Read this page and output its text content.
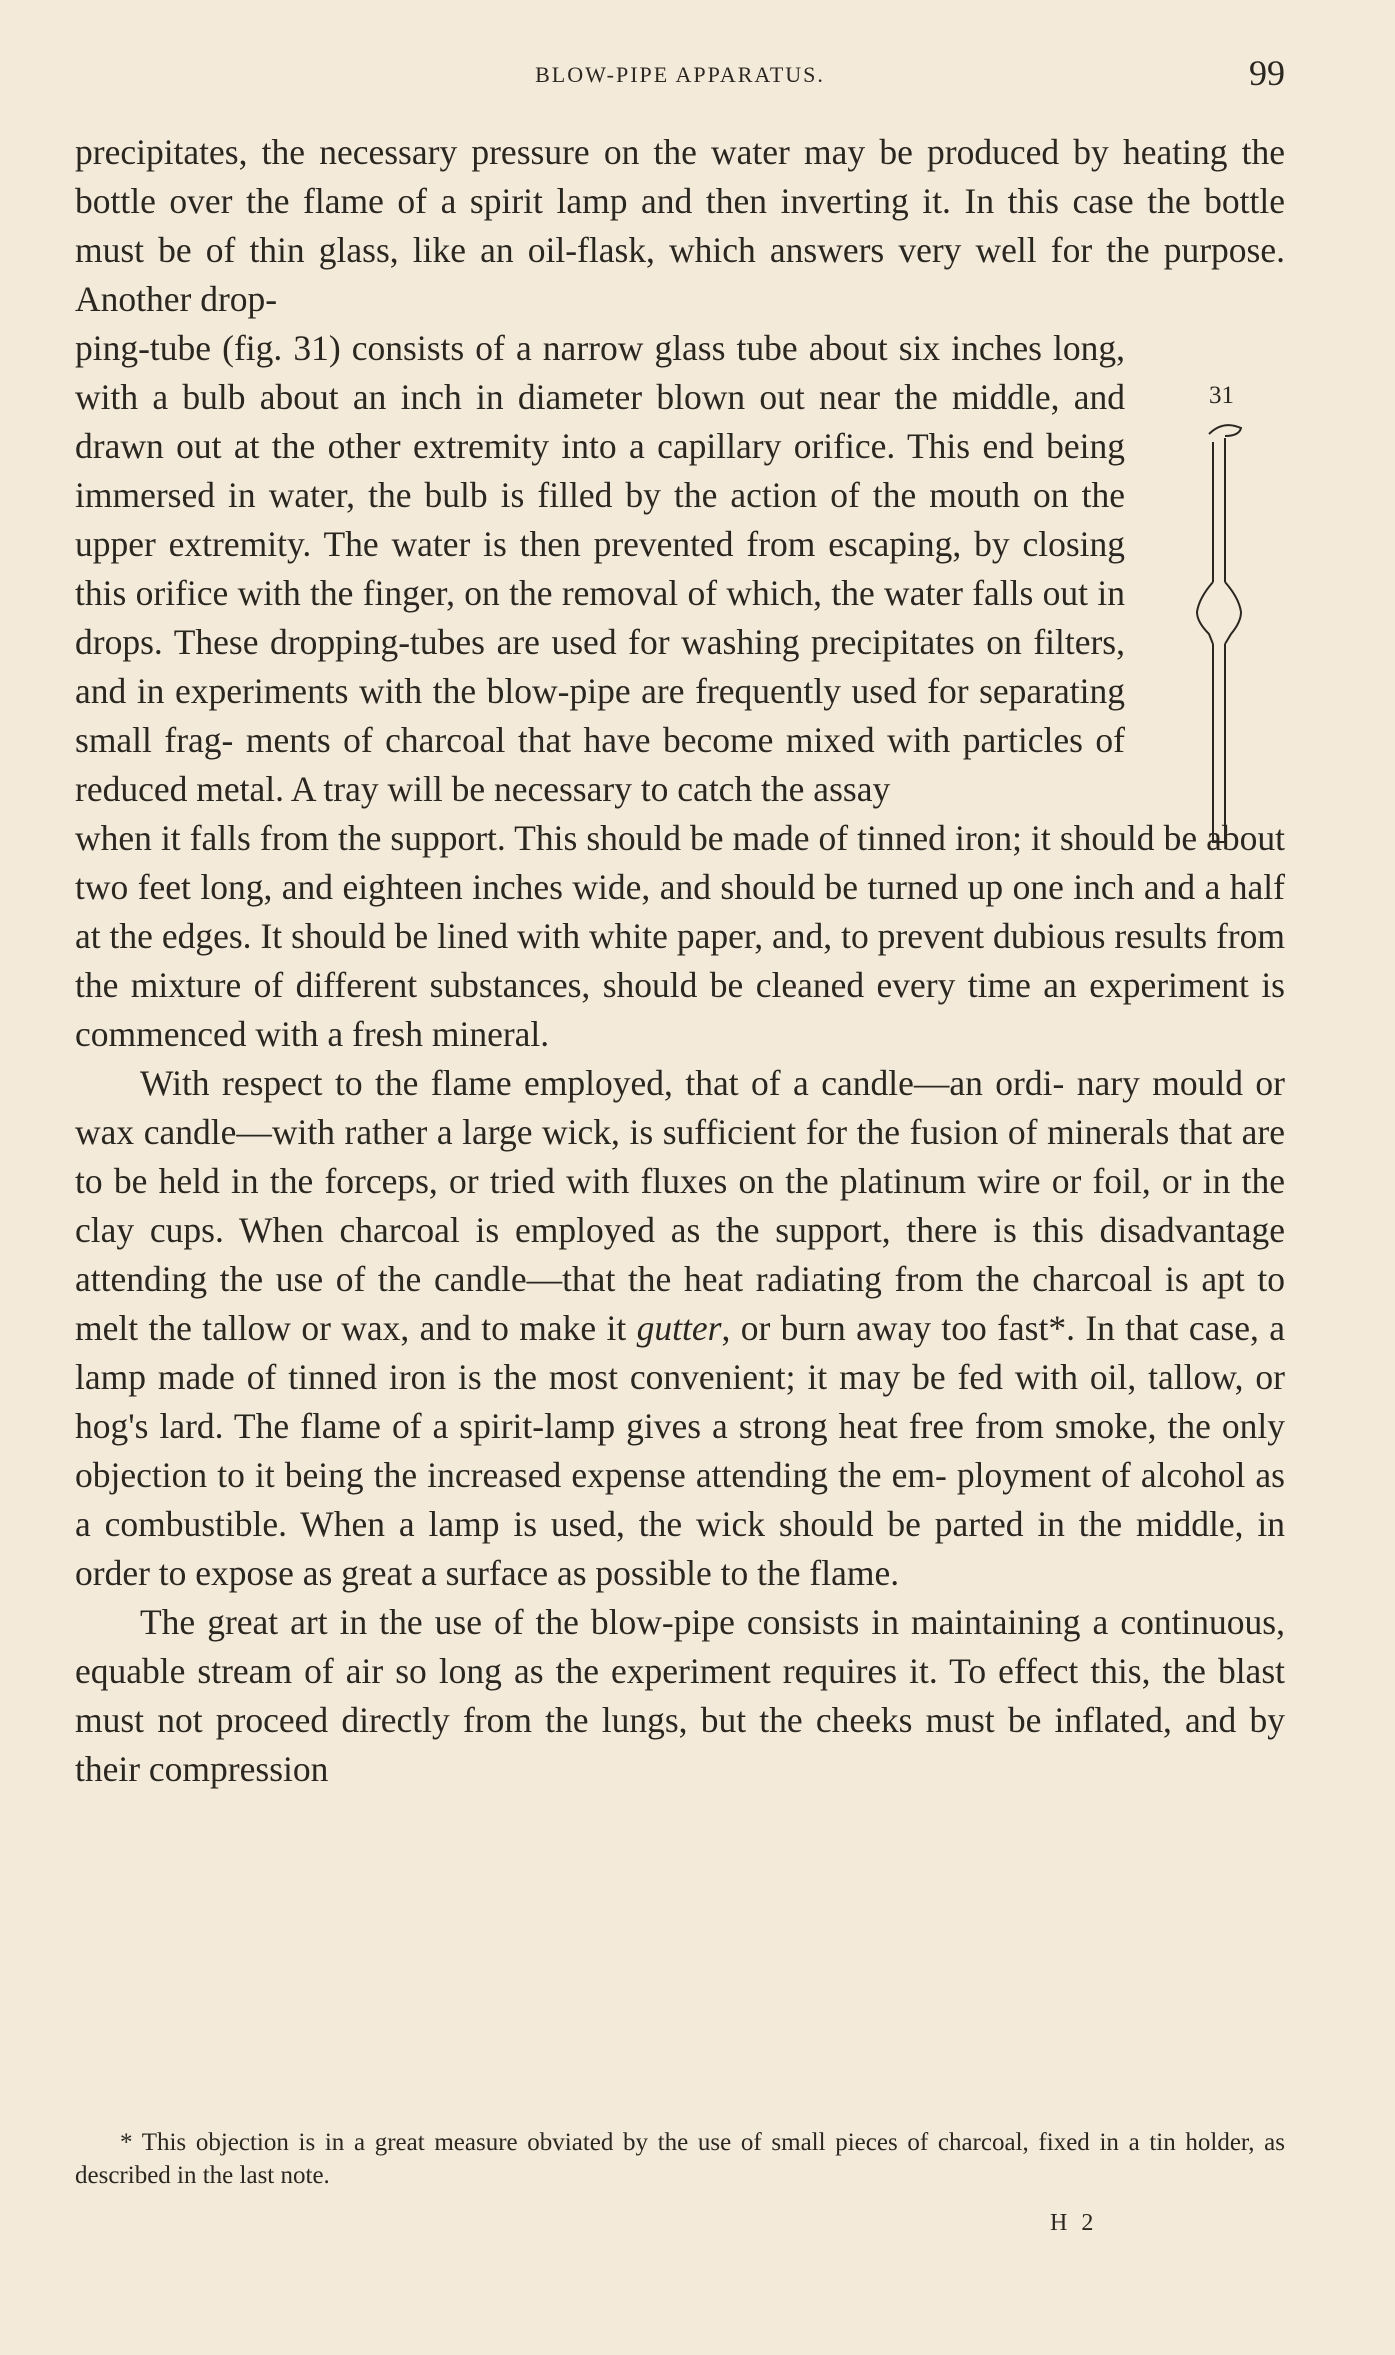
BLOW-PIPE APPARATUS.	99

precipitates, the necessary pressure on the water may be produced by heating the bottle over the flame of a spirit lamp and then inverting it. In this case the bottle must be of thin glass, like an oil-flask, which answers very well for the purpose. Another drop-

ping-tube (fig. 31) consists of a narrow glass tube about six inches long, with a bulb about an inch in diameter blown out near the middle, and drawn out at the other extremity into a capillary orifice. This end being immersed in water, the bulb is filled by the action of the mouth on the upper extremity. The water is then prevented from escaping, by closing this orifice with the finger, on the removal of which, the water falls out in drops. These dropping-tubes are used for washing precipitates on filters, and in experiments with the blow-pipe are frequently used for separating small frag- ments of charcoal that have become mixed with particles of reduced metal. A tray will be necessary to catch the assay

when it falls from the support. This should be made of tinned iron; it should be about two feet long, and eighteen inches wide, and should be turned up one inch and a half at the edges. It should be lined with white paper, and, to prevent dubious results from the mixture of different substances, should be cleaned every time an experiment is commenced with a fresh mineral.

With respect to the flame employed, that of a candle—an ordi- nary mould or wax candle—with rather a large wick, is sufficient for the fusion of minerals that are to be held in the forceps, or tried with fluxes on the platinum wire or foil, or in the clay cups. When charcoal is employed as the support, there is this disadvantage attending the use of the candle—that the heat radiating from the charcoal is apt to melt the tallow or wax, and to make it gutter, or burn away too fast*. In that case, a lamp made of tinned iron is the most convenient; it may be fed with oil, tallow, or hog's lard. The flame of a spirit-lamp gives a strong heat free from smoke, the only objection to it being the increased expense attending the em- ployment of alcohol as a combustible. When a lamp is used, the wick should be parted in the middle, in order to expose as great a surface as possible to the flame.

The great art in the use of the blow-pipe consists in maintaining a continuous, equable stream of air so long as the experiment requires it. To effect this, the blast must not proceed directly from the lungs, but the cheeks must be inflated, and by their compression

31

* This objection is in a great measure obviated by the use of small pieces of charcoal, fixed in a tin holder, as described in the last note.

H 2
